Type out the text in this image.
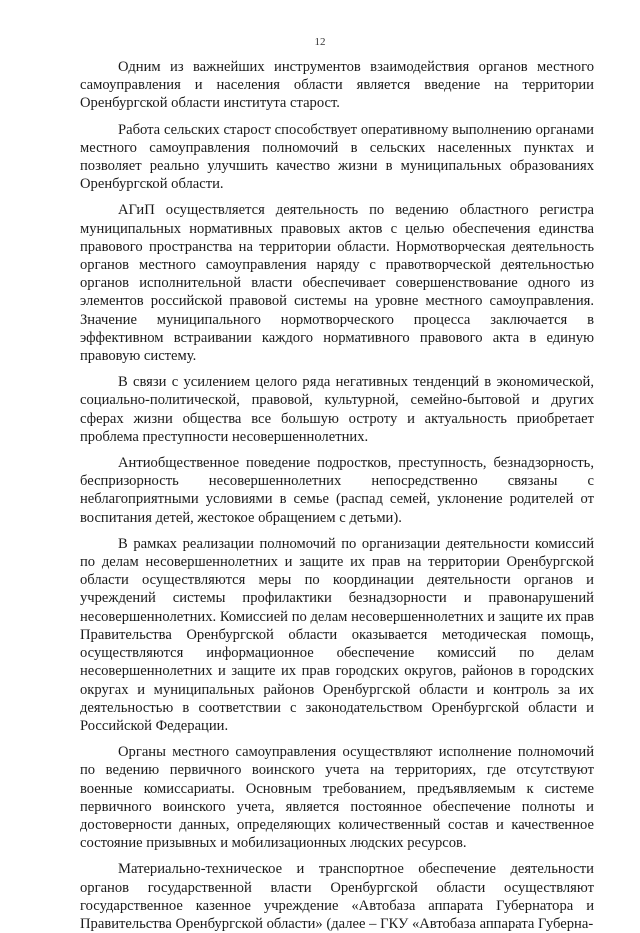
12

Одним из важнейших инструментов взаимодействия органов местного самоуправления и населения области является введение на территории Оренбургской области института старост.

Работа сельских старост способствует оперативному выполнению органами местного самоуправления полномочий в сельских населенных пунктах и позволяет реально улучшить качество жизни в муниципальных образованиях Оренбургской области.

АГиП осуществляется деятельность по ведению областного регистра муниципальных нормативных правовых актов с целью обеспечения единства правового пространства на территории области. Нормотворческая деятельность органов местного самоуправления наряду с правотворческой деятельностью органов исполнительной власти обеспечивает совершенствование одного из элементов российской правовой системы на уровне местного самоуправления. Значение муниципального нормотворческого процесса заключается в эффективном встраивании каждого нормативного правового акта в единую правовую систему.

В связи с усилением целого ряда негативных тенденций в экономической, социально-политической, правовой, культурной, семейно-бытовой и других сферах жизни общества все большую остроту и актуальность приобретает проблема преступности несовершеннолетних.

Антиобщественное поведение подростков, преступность, безнадзорность, беспризорность несовершеннолетних непосредственно связаны с неблагоприятными условиями в семье (распад семей, уклонение родителей от воспитания детей, жестокое обращением с детьми).

В рамках реализации полномочий по организации деятельности комиссий по делам несовершеннолетних и защите их прав на территории Оренбургской области осуществляются меры по координации деятельности органов и учреждений системы профилактики безнадзорности и правонарушений несовершеннолетних. Комиссией по делам несовершеннолетних и защите их прав Правительства Оренбургской области оказывается методическая помощь, осуществляются информационное обеспечение комиссий по делам несовершеннолетних и защите их прав городских округов, районов в городских округах и муниципальных районов Оренбургской области и контроль за их деятельностью в соответствии с законодательством Оренбургской области и Российской Федерации.

Органы местного самоуправления осуществляют исполнение полномочий по ведению первичного воинского учета на территориях, где отсутствуют военные комиссариаты. Основным требованием, предъявляемым к системе первичного воинского учета, является постоянное обеспечение полноты и достоверности данных, определяющих количественный состав и качественное состояние призывных и мобилизационных людских ресурсов.

Материально-техническое и транспортное обеспечение деятельности органов государственной власти Оренбургской области осуществляют государственное казенное учреждение «Автобаза аппарата Губернатора и Правительства Оренбургской области» (далее – ГКУ «Автобаза аппарата Губерна-
